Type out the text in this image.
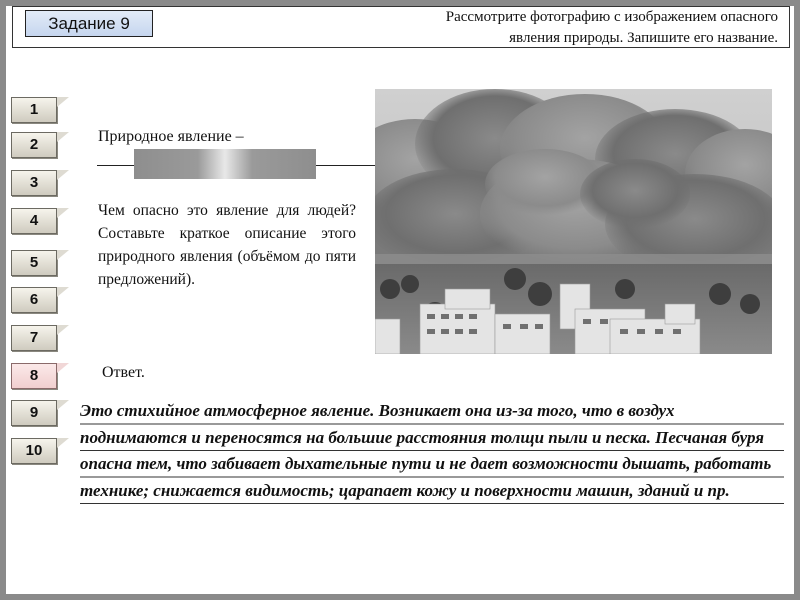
Задание 9	Рассмотрите фотографию с изображением опасного
явления природы. Запишите его название.
1
2
3
4
5
6
7
8
9
10
Природное явление –
Чем опасно это явление для людей? Составьте краткое описание этого природного явления (объёмом до пяти предложений).
Ответ.
Это стихийное атмосферное явление. Возникает она из-за того, что в воздух поднимаются и переносятся на большие расстояния толщи пыли и песка. Песчаная буря опасна тем, что забивает дыхательные пути и не дает возможности дышать, работать технике; снижается видимость; царапает кожу и поверхности машин, зданий и пр.
